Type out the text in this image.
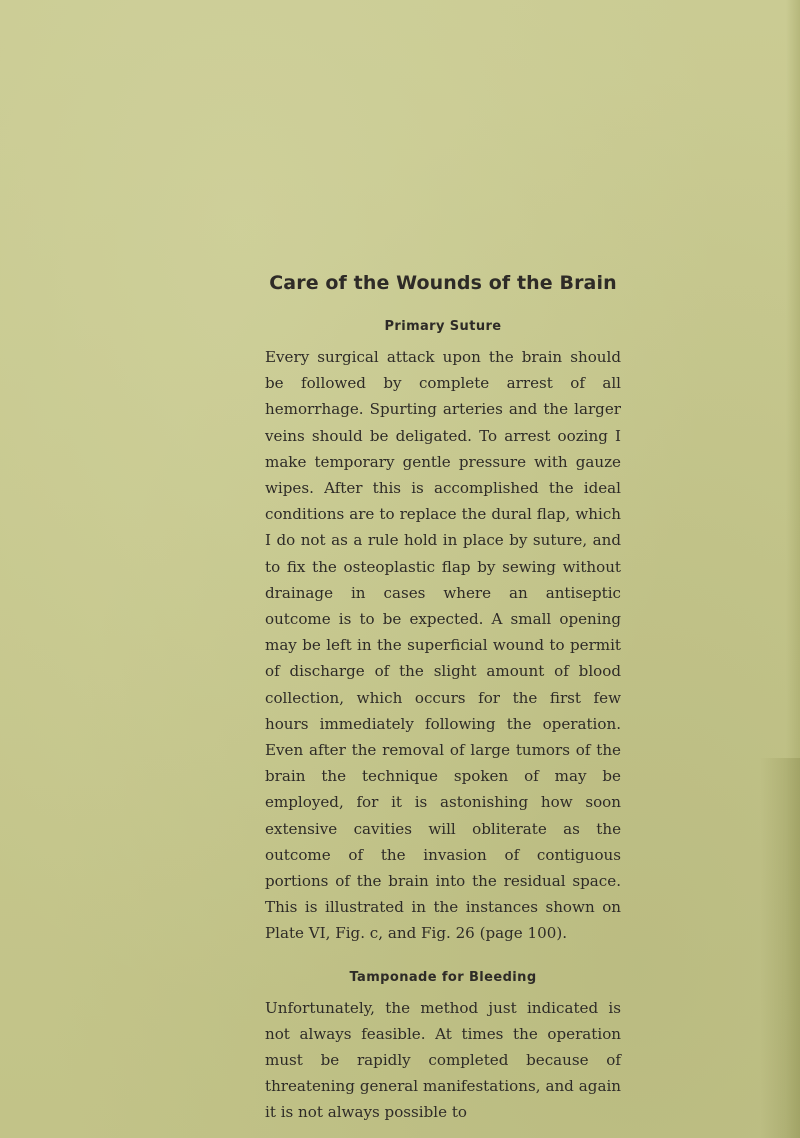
Care of the Wounds of the Brain
Primary Suture

Every surgical attack upon the brain should be followed by complete arrest of all hemorrhage. Spurting arteries and the larger veins should be deligated. To arrest oozing I make temporary gentle pressure with gauze wipes. After this is accomplished the ideal conditions are to replace the dural flap, which I do not as a rule hold in place by suture, and to fix the osteoplastic flap by sewing without drainage in cases where an antiseptic outcome is to be expected. A small opening may be left in the superficial wound to permit of discharge of the slight amount of blood collection, which occurs for the first few hours immediately following the operation. Even after the removal of large tumors of the brain the technique spoken of may be employed, for it is astonishing how soon extensive cavities will obliterate as the outcome of the invasion of contiguous portions of the brain into the residual space. This is illustrated in the instances shown on Plate VI, Fig. c, and Fig. 26 (page 100).

Tamponade for Bleeding

Unfortunately, the method just indicated is not always feasible. At times the operation must be rapidly completed because of threatening general manifestations, and again it is not always possible to
